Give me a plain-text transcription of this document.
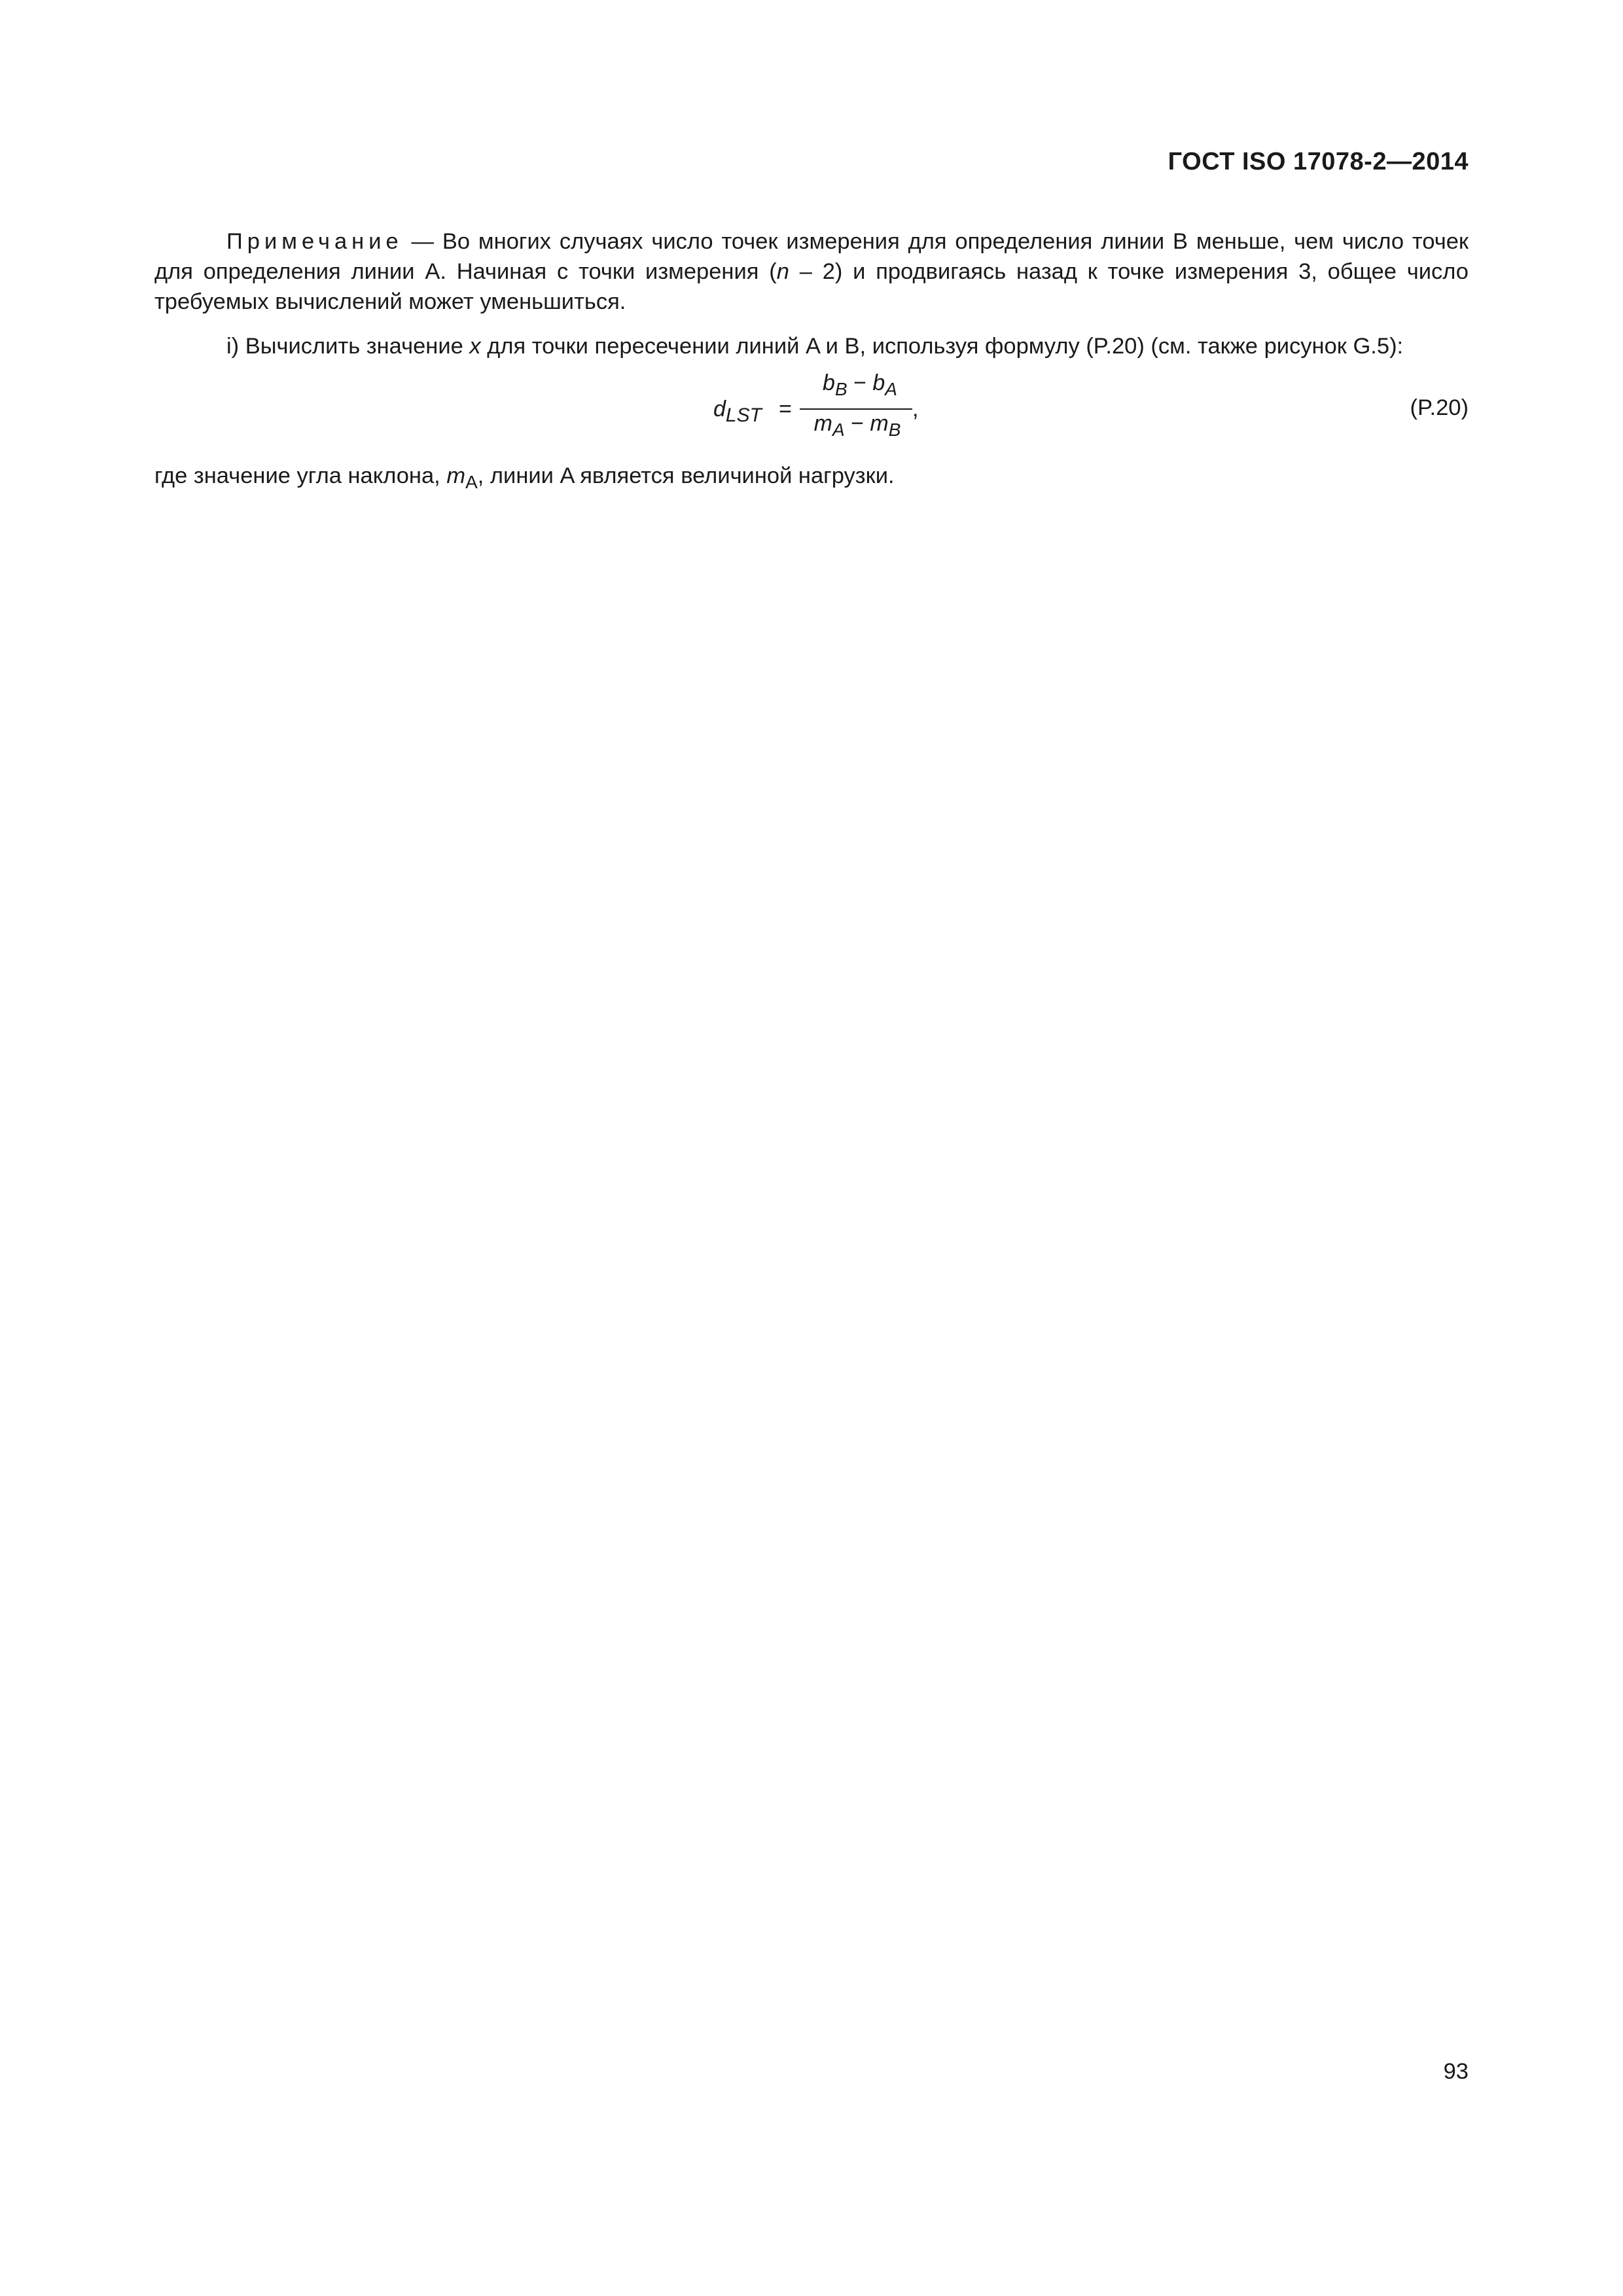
ГОСТ ISO 17078-2—2014

Примечание — Во многих случаях число точек измерения для определения линии B меньше, чем число точек для определения линии A. Начиная с точки измерения (n – 2) и продвигаясь назад к точке измерения 3, общее число требуемых вычислений может уменьшиться.

i) Вычислить значение x для точки пересечении линий A и B, используя формулу (P.20) (см. также рисунок G.5):

$d_{LST}$ =
$b_B - b_A$
$m_A - m_B$
,	(P.20)

где значение угла наклона, $m_A$, линии A является величиной нагрузки.

93
